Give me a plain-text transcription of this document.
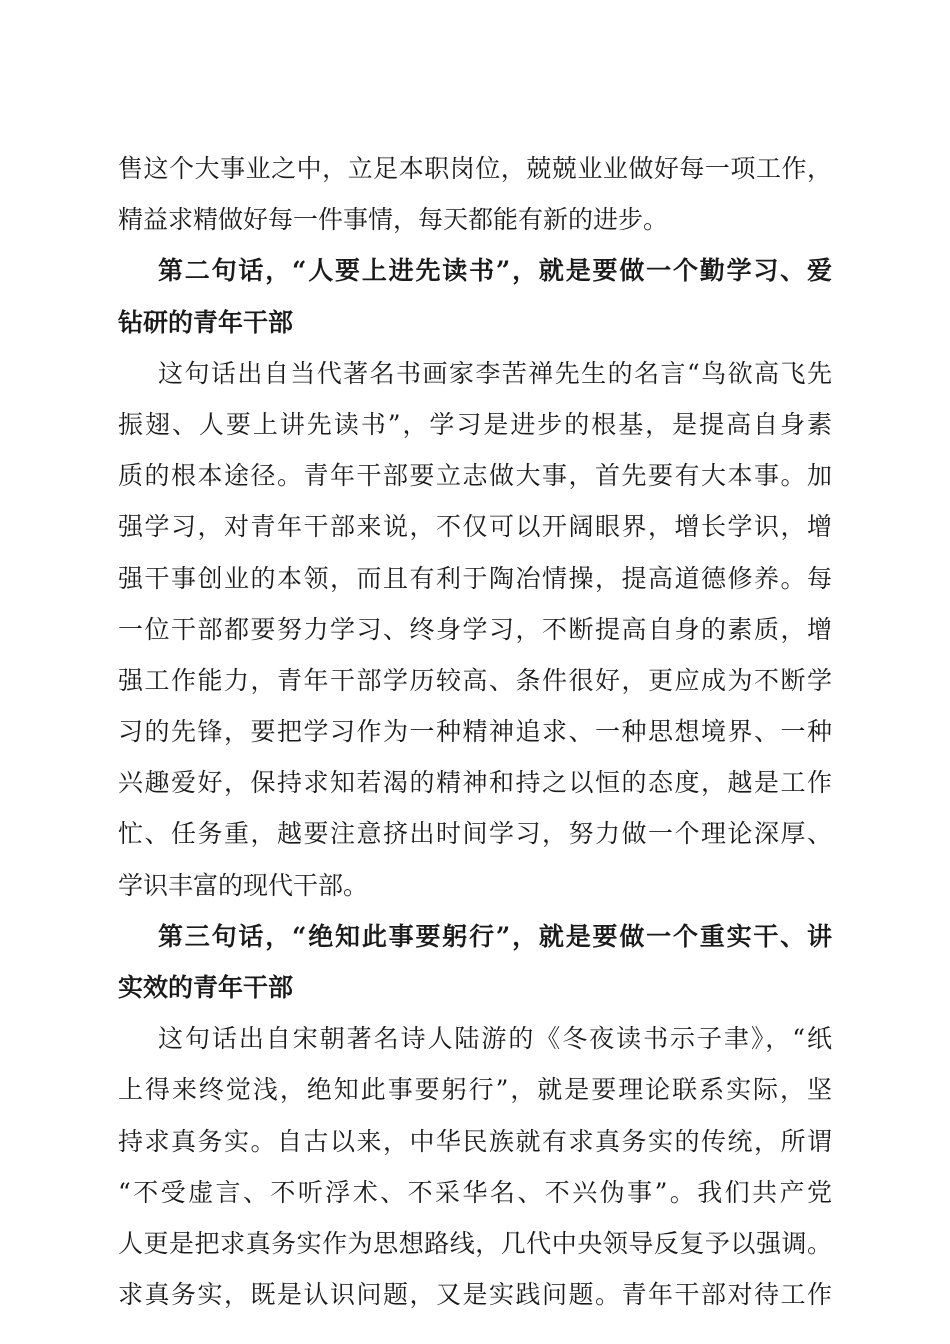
售这个大事业之中，立足本职岗位，兢兢业业做好每一项工作，
精益求精做好每一件事情，每天都能有新的进步。
第二句话，“人要上进先读书”，就是要做一个勤学习、爱
钻研的青年干部
这句话出自当代著名书画家李苦禅先生的名言“鸟欲高飞先
振翅、人要上讲先读书”，学习是进步的根基，是提高自身素
质的根本途径。青年干部要立志做大事，首先要有大本事。加
强学习，对青年干部来说，不仅可以开阔眼界，增长学识，增
强干事创业的本领，而且有利于陶冶情操，提高道德修养。每
一位干部都要努力学习、终身学习，不断提高自身的素质，增
强工作能力，青年干部学历较高、条件很好，更应成为不断学
习的先锋，要把学习作为一种精神追求、一种思想境界、一种
兴趣爱好，保持求知若渴的精神和持之以恒的态度，越是工作
忙、任务重，越要注意挤出时间学习，努力做一个理论深厚、
学识丰富的现代干部。
第三句话，“绝知此事要躬行”，就是要做一个重实干、讲
实效的青年干部
这句话出自宋朝著名诗人陆游的《冬夜读书示子聿》，“纸
上得来终觉浅，绝知此事要躬行”，就是要理论联系实际，坚
持求真务实。自古以来，中华民族就有求真务实的传统，所谓
“不受虚言、不听浮术、不采华名、不兴伪事”。我们共产党
人更是把求真务实作为思想路线，几代中央领导反复予以强调。
求真务实，既是认识问题，又是实践问题。青年干部对待工作
